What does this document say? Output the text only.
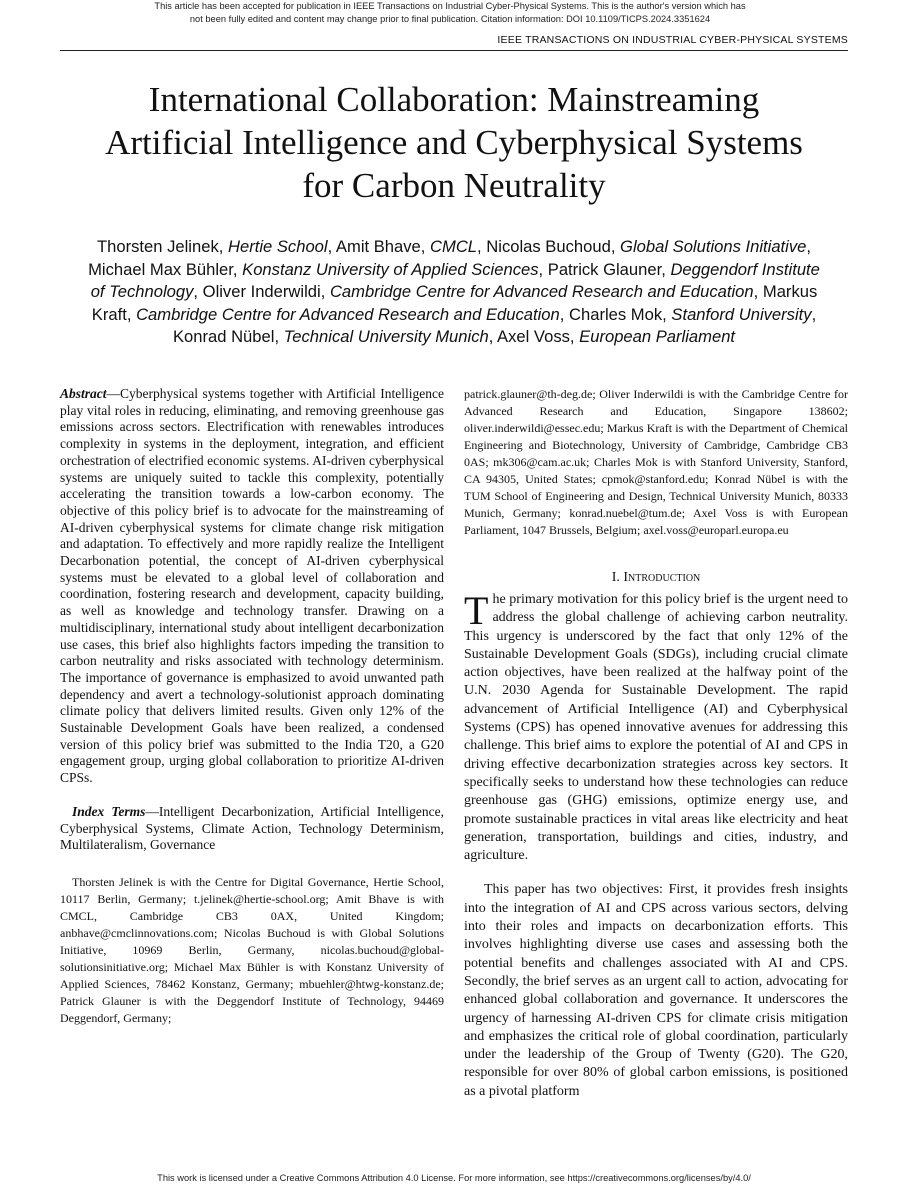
This article has been accepted for publication in IEEE Transactions on Industrial Cyber-Physical Systems. This is the author's version which has not been fully edited and content may change prior to final publication. Citation information: DOI 10.1109/TICPS.2024.3351624
IEEE TRANSACTIONS ON INDUSTRIAL CYBER-PHYSICAL SYSTEMS
International Collaboration: Mainstreaming
Artificial Intelligence and Cyberphysical Systems
for Carbon Neutrality

Thorsten Jelinek, Hertie School, Amit Bhave, CMCL, Nicolas Buchoud, Global Solutions Initiative, Michael Max Bühler, Konstanz University of Applied Sciences, Patrick Glauner, Deggendorf Institute of Technology, Oliver Inderwildi, Cambridge Centre for Advanced Research and Education, Markus Kraft, Cambridge Centre for Advanced Research and Education, Charles Mok, Stanford University, Konrad Nübel, Technical University Munich, Axel Voss, European Parliament

Abstract—Cyberphysical systems together with Artificial Intelligence play vital roles in reducing, eliminating, and removing greenhouse gas emissions across sectors. Electrification with renewables introduces complexity in systems in the deployment, integration, and efficient orchestration of electrified economic systems. AI-driven cyberphysical systems are uniquely suited to tackle this complexity, potentially accelerating the transition towards a low-carbon economy. The objective of this policy brief is to advocate for the mainstreaming of AI-driven cyberphysical systems for climate change risk mitigation and adaptation. To effectively and more rapidly realize the Intelligent Decarbonation potential, the concept of AI-driven cyberphysical systems must be elevated to a global level of collaboration and coordination, fostering research and development, capacity building, as well as knowledge and technology transfer. Drawing on a multidisciplinary, international study about intelligent decarbonization use cases, this brief also highlights factors impeding the transition to carbon neutrality and risks associated with technology determinism. The importance of governance is emphasized to avoid unwanted path dependency and avert a technology-solutionist approach dominating climate policy that delivers limited results. Given only 12% of the Sustainable Development Goals have been realized, a condensed version of this policy brief was submitted to the India T20, a G20 engagement group, urging global collaboration to prioritize AI-driven CPSs.

Index Terms—Intelligent Decarbonization, Artificial Intelligence, Cyberphysical Systems, Climate Action, Technology Determinism, Multilateralism, Governance

Thorsten Jelinek is with the Centre for Digital Governance, Hertie School, 10117 Berlin, Germany; t.jelinek@hertie-school.org; Amit Bhave is with CMCL, Cambridge CB3 0AX, United Kingdom; anbhave@cmclinnovations.com; Nicolas Buchoud is with Global Solutions Initiative, 10969 Berlin, Germany, nicolas.buchoud@global-solutionsinitiative.org; Michael Max Bühler is with Konstanz University of Applied Sciences, 78462 Konstanz, Germany; mbuehler@htwg-konstanz.de; Patrick Glauner is with the Deggendorf Institute of Technology, 94469 Deggendorf, Germany;

patrick.glauner@th-deg.de; Oliver Inderwildi is with the Cambridge Centre for Advanced Research and Education, Singapore 138602; oliver.inderwildi@essec.edu; Markus Kraft is with the Department of Chemical Engineering and Biotechnology, University of Cambridge, Cambridge CB3 0AS; mk306@cam.ac.uk; Charles Mok is with Stanford University, Stanford, CA 94305, United States; cpmok@stanford.edu; Konrad Nübel is with the TUM School of Engineering and Design, Technical University Munich, 80333 Munich, Germany; konrad.nuebel@tum.de; Axel Voss is with European Parliament, 1047 Brussels, Belgium; axel.voss@europarl.europa.eu

I. Introduction

The primary motivation for this policy brief is the urgent need to address the global challenge of achieving carbon neutrality. This urgency is underscored by the fact that only 12% of the Sustainable Development Goals (SDGs), including crucial climate action objectives, have been realized at the halfway point of the U.N. 2030 Agenda for Sustainable Development. The rapid advancement of Artificial Intelligence (AI) and Cyberphysical Systems (CPS) has opened innovative avenues for addressing this challenge. This brief aims to explore the potential of AI and CPS in driving effective decarbonization strategies across key sectors. It specifically seeks to understand how these technologies can reduce greenhouse gas (GHG) emissions, optimize energy use, and promote sustainable practices in vital areas like electricity and heat generation, transportation, buildings and cities, industry, and agriculture.

This paper has two objectives: First, it provides fresh insights into the integration of AI and CPS across various sectors, delving into their roles and impacts on decarbonization efforts. This involves highlighting diverse use cases and assessing both the potential benefits and challenges associated with AI and CPS. Secondly, the brief serves as an urgent call to action, advocating for enhanced global collaboration and governance. It underscores the urgency of harnessing AI-driven CPS for climate crisis mitigation and emphasizes the critical role of global coordination, particularly under the leadership of the Group of Twenty (G20). The G20, responsible for over 80% of global carbon emissions, is positioned as a pivotal platform

This work is licensed under a Creative Commons Attribution 4.0 License. For more information, see https://creativecommons.org/licenses/by/4.0/
